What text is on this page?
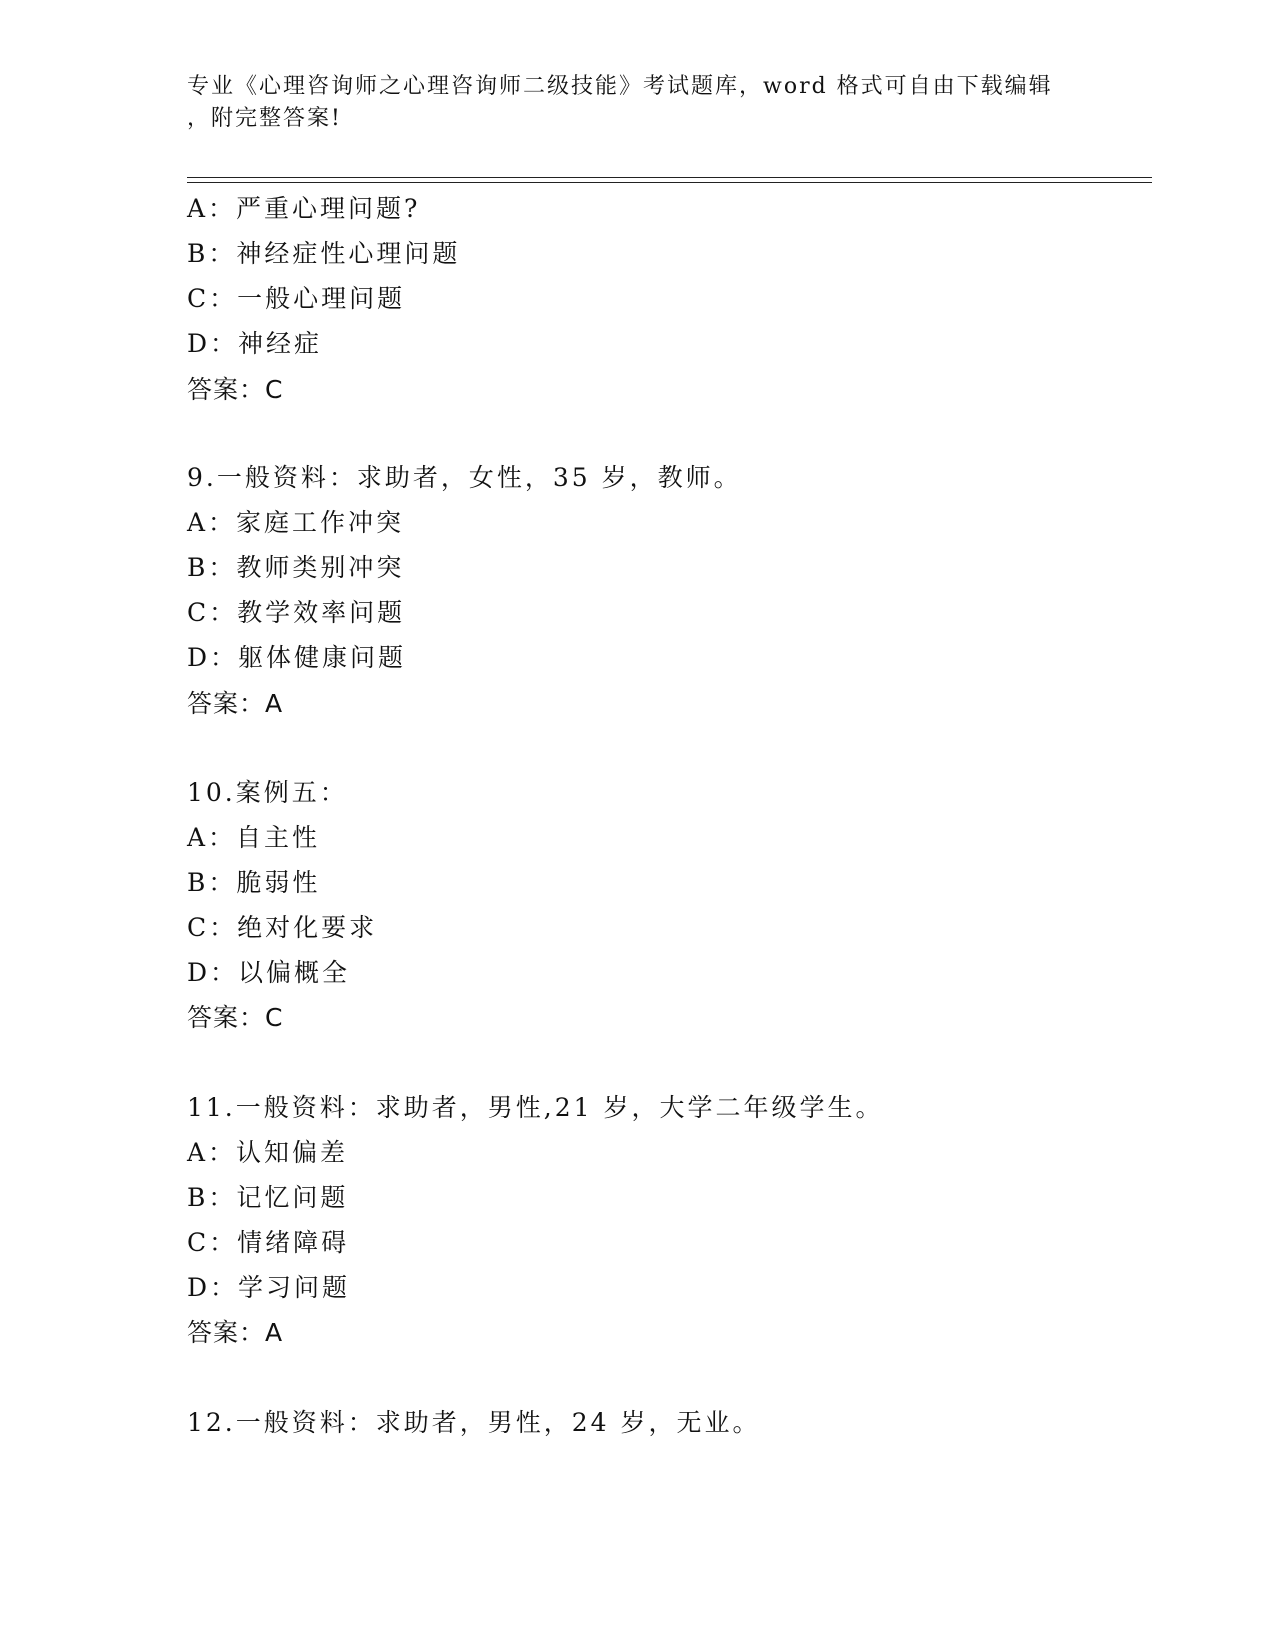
专业《心理咨询师之心理咨询师二级技能》考试题库，word 格式可自由下载编辑
，附完整答案!
A：严重心理问题?
B：神经症性心理问题
C：一般心理问题
D：神经症
答案：C
9.一般资料：求助者，女性，35 岁，教师。
A：家庭工作冲突
B：教师类别冲突
C：教学效率问题
D：躯体健康问题
答案：A
10.案例五：
A：自主性
B：脆弱性
C：绝对化要求
D：以偏概全
答案：C
11.一般资料：求助者，男性,21 岁，大学二年级学生。
A：认知偏差
B：记忆问题
C：情绪障碍
D：学习问题
答案：A
12.一般资料：求助者，男性，24 岁，无业。
